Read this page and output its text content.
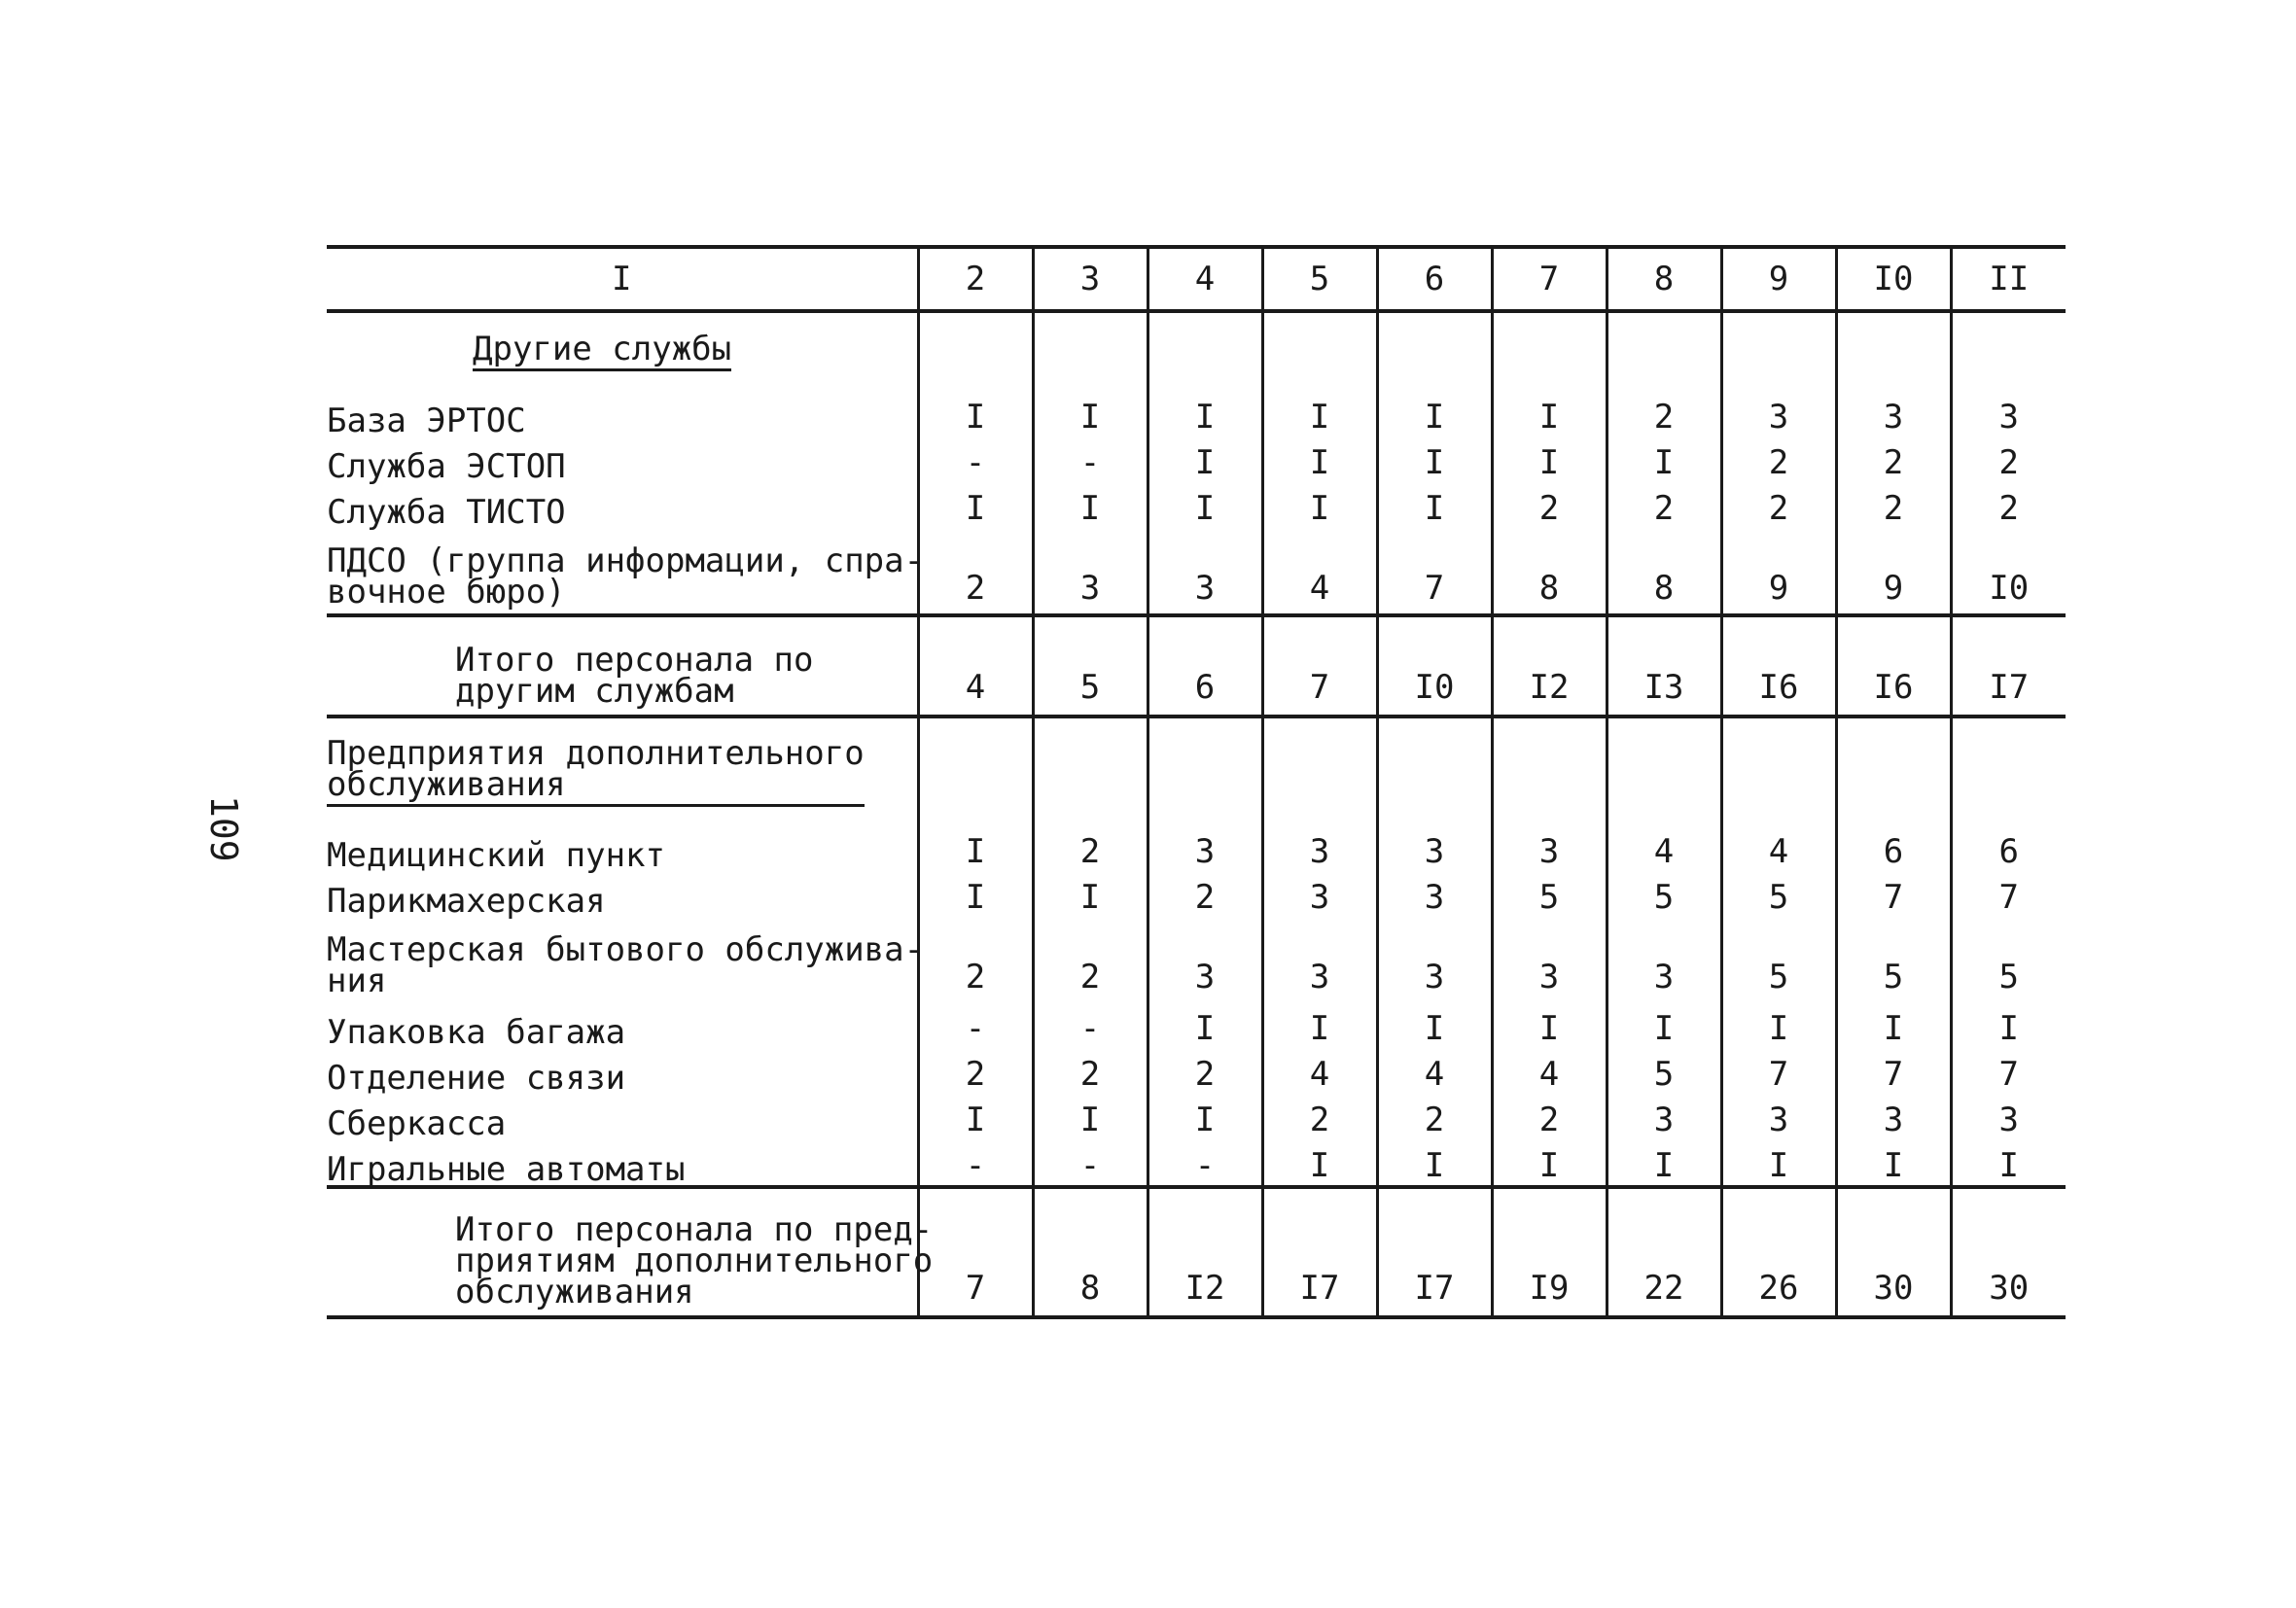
109
I	2	3	4	5	6	7	8	9	I0	II
Другие службы										
База ЭРТОС	I	I	I	I	I	I	2	3	3	3
Служба ЭСТОП	-	-	I	I	I	I	I	2	2	2
Служба ТИСТО	I	I	I	I	I	2	2	2	2	2

ПДСО (группа информации, спра-
вочное бюро)	2	3	3	4	7	8	8	9	9	I0

Итого персонала по
другим службам	4	5	6	7	I0	I2	I3	I6	I6	I7

Предприятия дополнительного
обслуживания										

Медицинский пункт	I	2	3	3	3	3	4	4	6	6
Парикмахерская	I	I	2	3	3	5	5	5	7	7

Мастерская бытового обслужива-
ния	2	2	3	3	3	3	3	5	5	5
Упаковка багажа	-	-	I	I	I	I	I	I	I	I
Отделение связи	2	2	2	4	4	4	5	7	7	7
Сберкасса	I	I	I	2	2	2	3	3	3	3
Игральные автоматы	-	-	-	I	I	I	I	I	I	I

Итого персонала по пред-
приятиям дополнительного
обслуживания	7	8	I2	I7	I7	I9	22	26	30	30
